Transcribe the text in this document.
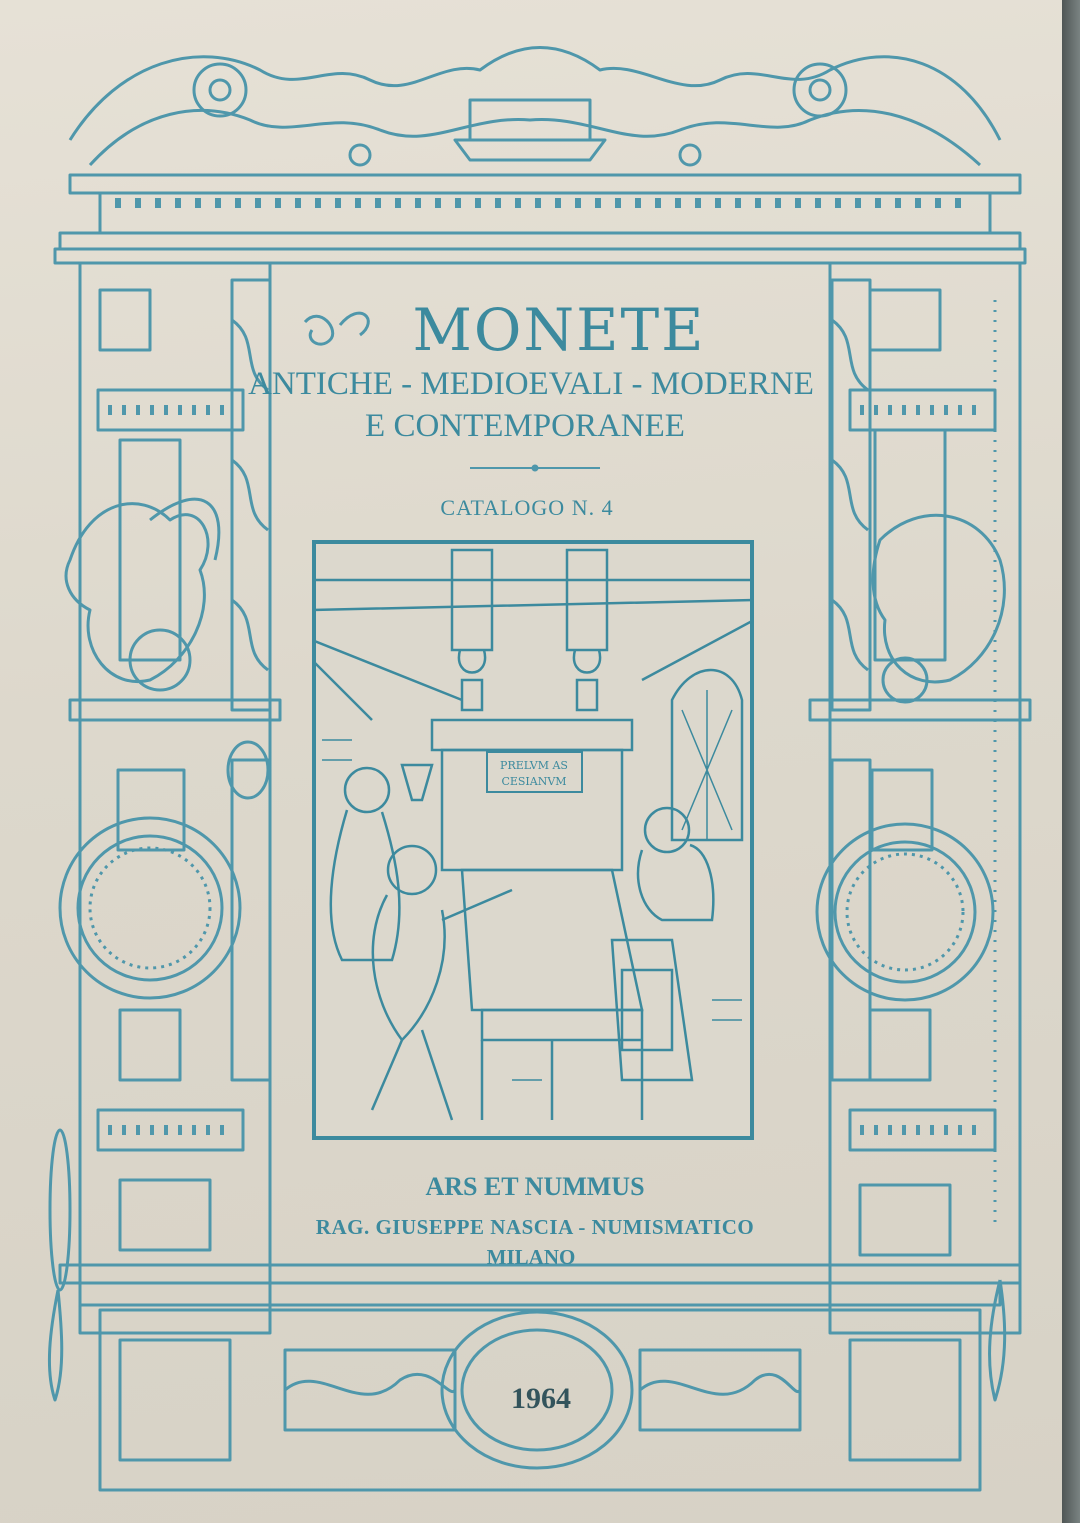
MONETE

ANTICHE - MEDIOEVALI - MODERNE

E CONTEMPORANEE

CATALOGO N. 4

PRELVM AS
CESIANVM

ARS ET NUMMUS

RAG. GIUSEPPE NASCIA - NUMISMATICO

MILANO

1964
